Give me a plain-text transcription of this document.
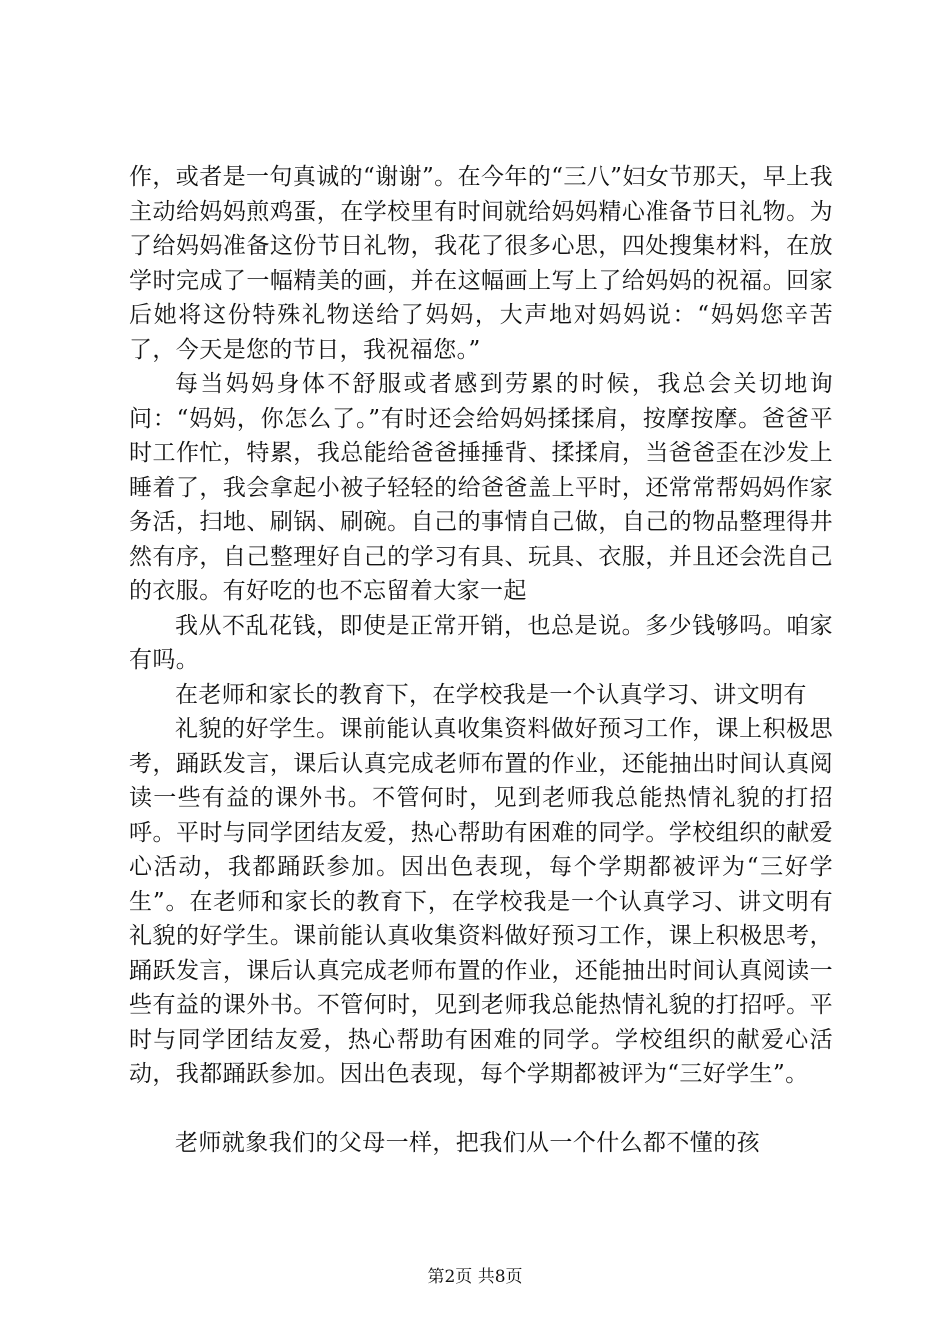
作，或者是一句真诚的“谢谢”。在今年的“三八”妇女节那天，早上我主动给妈妈煎鸡蛋，在学校里有时间就给妈妈精心准备节日礼物。为了给妈妈准备这份节日礼物，我花了很多心思，四处搜集材料，在放学时完成了一幅精美的画，并在这幅画上写上了给妈妈的祝福。回家后她将这份特殊礼物送给了妈妈，大声地对妈妈说：“妈妈您辛苦了，今天是您的节日，我祝福您。”

每当妈妈身体不舒服或者感到劳累的时候，我总会关切地询问：“妈妈，你怎么了。”有时还会给妈妈揉揉肩，按摩按摩。爸爸平时工作忙，特累，我总能给爸爸捶捶背、揉揉肩，当爸爸歪在沙发上睡着了，我会拿起小被子轻轻的给爸爸盖上平时，还常常帮妈妈作家务活，扫地、刷锅、刷碗。自己的事情自己做，自己的物品整理得井然有序，自己整理好自己的学习有具、玩具、衣服，并且还会洗自己的衣服。有好吃的也不忘留着大家一起

我从不乱花钱，即使是正常开销，也总是说。多少钱够吗。咱家有吗。

在老师和家长的教育下，在学校我是一个认真学习、讲文明有

礼貌的好学生。课前能认真收集资料做好预习工作，课上积极思考，踊跃发言，课后认真完成老师布置的作业，还能抽出时间认真阅读一些有益的课外书。不管何时，见到老师我总能热情礼貌的打招呼。平时与同学团结友爱，热心帮助有困难的同学。学校组织的献爱心活动，我都踊跃参加。因出色表现，每个学期都被评为“三好学生”。在老师和家长的教育下，在学校我是一个认真学习、讲文明有礼貌的好学生。课前能认真收集资料做好预习工作，课上积极思考，踊跃发言，课后认真完成老师布置的作业，还能抽出时间认真阅读一些有益的课外书。不管何时，见到老师我总能热情礼貌的打招呼。平时与同学团结友爱，热心帮助有困难的同学。学校组织的献爱心活动，我都踊跃参加。因出色表现，每个学期都被评为“三好学生”。

老师就象我们的父母一样，把我们从一个什么都不懂的孩

第2页 共8页
